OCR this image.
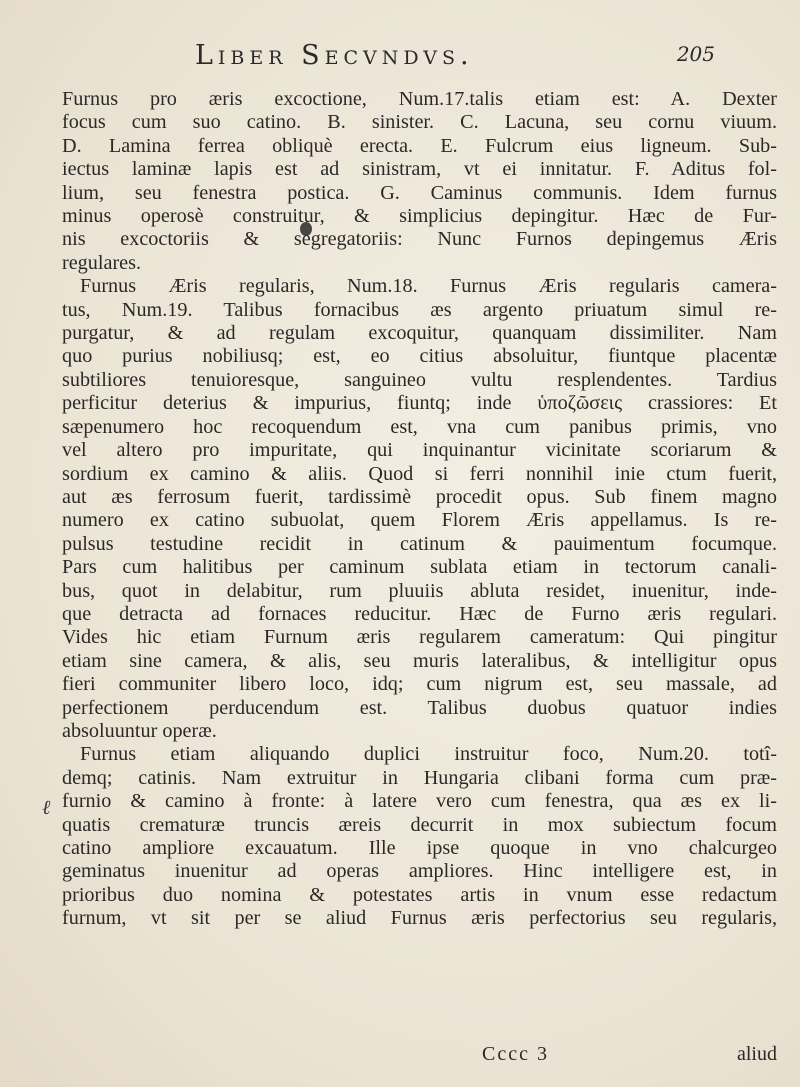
Liber Secvndvs.	205
ℓ
Furnus pro æris excoctione, Num.17.talis etiam est: A. Dexter
focus cum suo catino. B. sinister. C. Lacuna, seu cornu viuum.
D. Lamina ferrea obliquè erecta. E. Fulcrum eius ligneum. Sub-
iectus laminæ lapis est ad sinistram, vt ei innitatur. F. Aditus fol-
lium, seu fenestra postica. G. Caminus communis. Idem furnus
minus operosè construitur, & simplicius depingitur. Hæc de Fur-
nis excoctoriis & segregatoriis: Nunc Furnos depingemus Æris
regulares.
Furnus Æris regularis, Num.18. Furnus Æris regularis camera-
tus, Num.19. Talibus fornacibus æs argento priuatum simul re-
purgatur, & ad regulam excoquitur, quanquam dissimiliter. Nam
quo purius nobiliusq; est, eo citius absoluitur, fiuntque placentæ
subtiliores tenuioresque, sanguineo vultu resplendentes. Tardius
perficitur deterius & impurius, fiuntq; inde ὑποζῶσεις crassiores: Et
sæpenumero hoc recoquendum est, vna cum panibus primis, vno
vel altero pro impuritate, qui inquinantur vicinitate scoriarum &
sordium ex camino & aliis. Quod si ferri nonnihil inie ctum fuerit,
aut æs ferrosum fuerit, tardissimè procedit opus. Sub finem magno
numero ex catino subuolat, quem Florem Æris appellamus. Is re-
pulsus testudine recidit in catinum & pauimentum focumque.
Pars cum halitibus per caminum sublata etiam in tectorum canali-
bus, quot in delabitur, rum pluuiis abluta residet, inuenitur, inde-
que detracta ad fornaces reducitur. Hæc de Furno æris regulari.
Vides hic etiam Furnum æris regularem cameratum: Qui pingitur
etiam sine camera, & alis, seu muris lateralibus, & intelligitur opus
fieri communiter libero loco, idq; cum nigrum est, seu massale, ad
perfectionem perducendum est. Talibus duobus quatuor indies
absoluuntur operæ.
Furnus etiam aliquando duplici instruitur foco, Num.20. totî-
demq; catinis. Nam extruitur in Hungaria clibani forma cum præ-
furnio & camino à fronte: à latere vero cum fenestra, qua æs ex li-
quatis crematuræ truncis æreis decurrit in mox subiectum focum
catino ampliore excauatum. Ille ipse quoque in vno chalcurgeo
geminatus inuenitur ad operas ampliores. Hinc intelligere est, in
prioribus duo nomina & potestates artis in vnum esse redactum
furnum, vt sit per se aliud Furnus æris perfectorius seu regularis,
Cccc 3	aliud
